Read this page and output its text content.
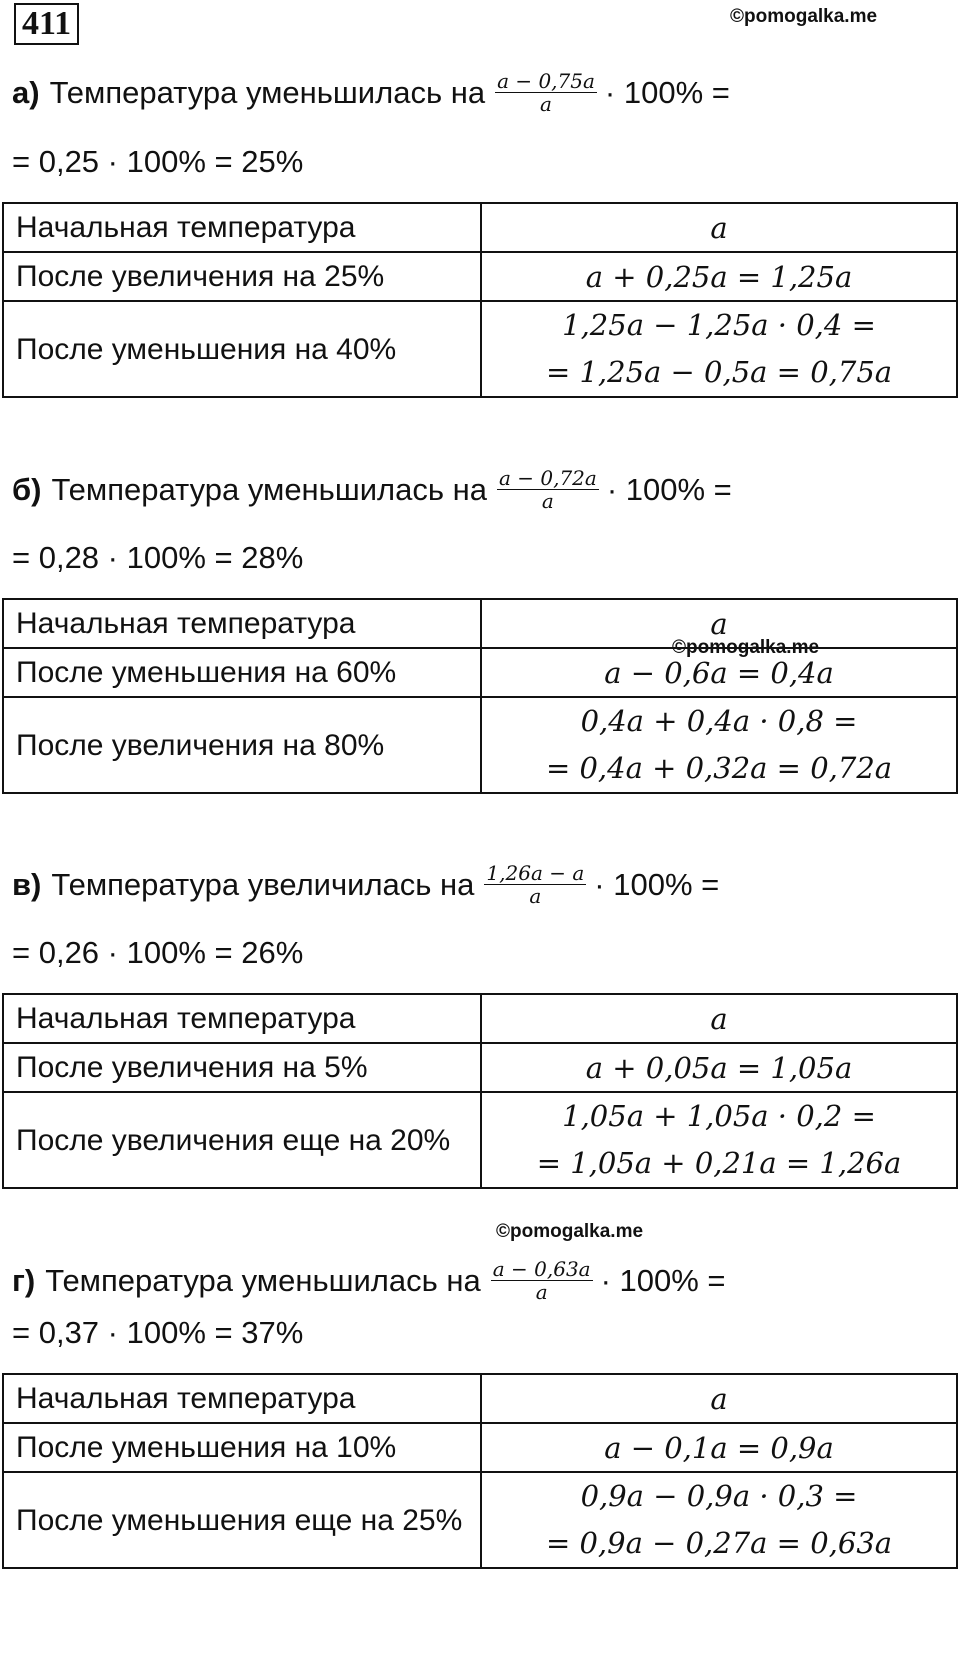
411	©pomogalka.me
©pomogalka.me
©pomogalka.me
а) Температура уменьшилась на $\frac{a - 0,75a}{a} \cdot 100\%$ =
= 0,25 · 100% = 25%
Начальная температура	a
После увеличения на 25%	a + 0,25a = 1,25a
После уменьшения на 40%	1,25a − 1,25a · 0,4 =
= 1,25a − 0,5a = 0,75a
б) Температура уменьшилась на $\frac{a - 0,72a}{a} \cdot 100\%$ =
= 0,28 · 100% = 28%
Начальная температура	a
После уменьшения на 60%	a − 0,6a = 0,4a
После увеличения на 80%	0,4a + 0,4a · 0,8 =
= 0,4a + 0,32a = 0,72a
в) Температура увеличилась на $\frac{1,26a - a}{a} \cdot 100\%$ =
= 0,26 · 100% = 26%
Начальная температура	a
После увеличения на 5%	a + 0,05a = 1,05a
После увеличения еще на 20%	1,05a + 1,05a · 0,2 =
= 1,05a + 0,21a = 1,26a
г) Температура уменьшилась на $\frac{a - 0,63a}{a} \cdot 100\%$ =
= 0,37 · 100% = 37%
Начальная температура	a
После уменьшения на 10%	a − 0,1a = 0,9a
После уменьшения еще на 25%	0,9a − 0,9a · 0,3 =
= 0,9a − 0,27a = 0,63a
